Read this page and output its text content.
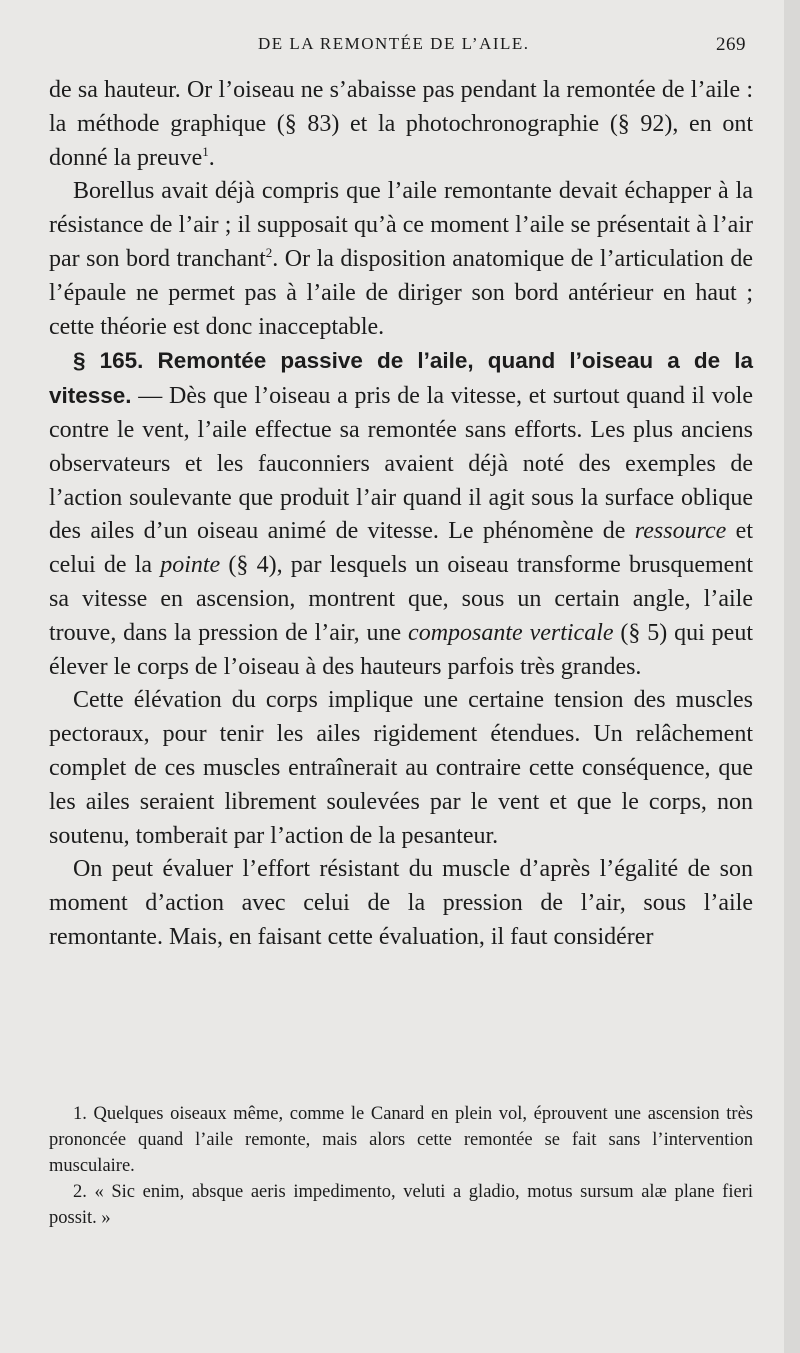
DE LA REMONTÉE DE L’AILE.	269

de sa hauteur. Or l’oiseau ne s’abaisse pas pendant la remontée de l’aile : la méthode graphique (§ 83) et la photochronographie (§ 92), en ont donné la preuve$^1$.

Borellus avait déjà compris que l’aile remontante devait échapper à la résistance de l’air ; il supposait qu’à ce moment l’aile se présentait à l’air par son bord tranchant$^2$. Or la disposition anatomique de l’articulation de l’épaule ne permet pas à l’aile de diriger son bord antérieur en haut ; cette théorie est donc inacceptable.

§ 165. Remontée passive de l’aile, quand l’oiseau a de la vitesse. — Dès que l’oiseau a pris de la vitesse, et surtout quand il vole contre le vent, l’aile effectue sa remontée sans efforts. Les plus anciens observateurs et les fauconniers avaient déjà noté des exemples de l’action soulevante que produit l’air quand il agit sous la surface oblique des ailes d’un oiseau animé de vitesse. Le phénomène de ressource et celui de la pointe (§ 4), par lesquels un oiseau transforme brusquement sa vitesse en ascension, montrent que, sous un certain angle, l’aile trouve, dans la pression de l’air, une composante verticale (§ 5) qui peut élever le corps de l’oiseau à des hauteurs parfois très grandes.

Cette élévation du corps implique une certaine tension des muscles pectoraux, pour tenir les ailes rigidement étendues. Un relâchement complet de ces muscles entraînerait au contraire cette conséquence, que les ailes seraient librement soulevées par le vent et que le corps, non soutenu, tomberait par l’action de la pesanteur.

On peut évaluer l’effort résistant du muscle d’après l’égalité de son moment d’action avec celui de la pression de l’air, sous l’aile remontante. Mais, en faisant cette évaluation, il faut considérer

1. Quelques oiseaux même, comme le Canard en plein vol, éprouvent une ascension très prononcée quand l’aile remonte, mais alors cette remontée se fait sans l’intervention musculaire.

2. « Sic enim, absque aeris impedimento, veluti a gladio, motus sursum alæ plane fieri possit. »
